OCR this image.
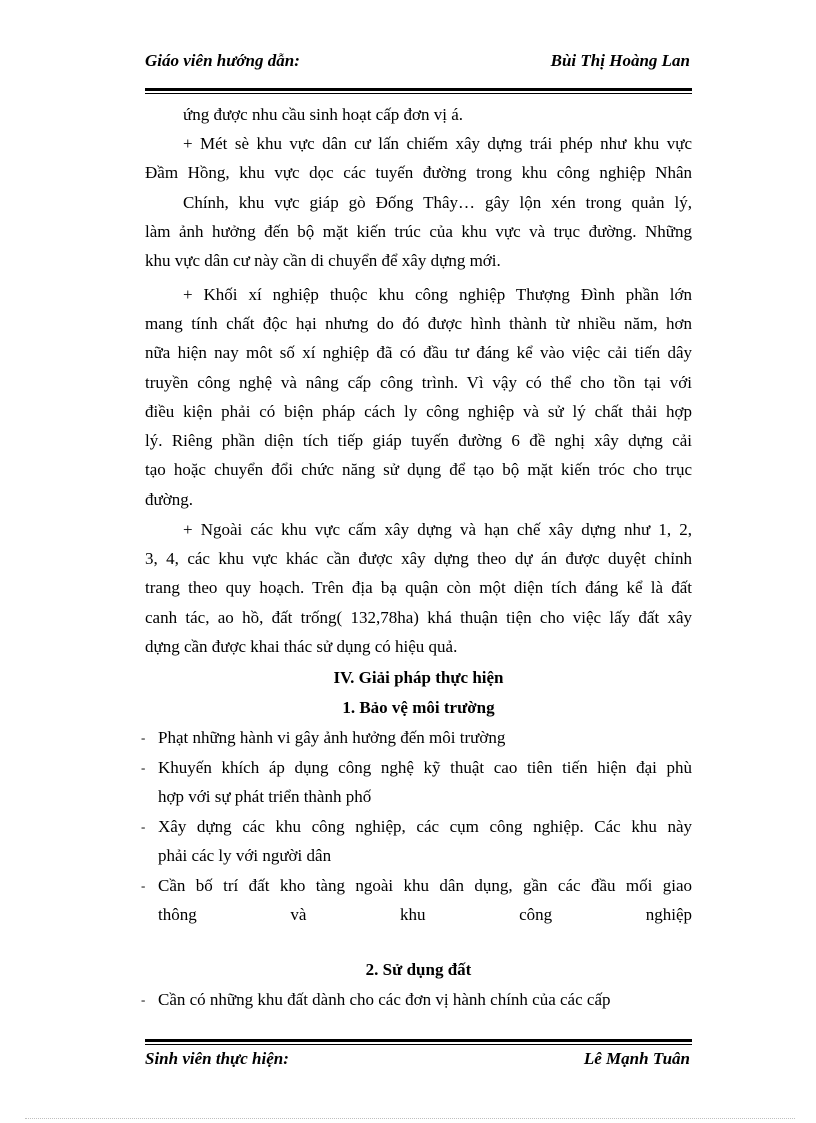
Giáo viên hướng dẫn:	Bùi Thị Hoàng Lan
ứng được nhu cầu sinh hoạt cấp đơn vị á.
+ Mét sè khu vực dân cư lấn chiếm xây dựng trái phép như khu vực
Đầm Hồng, khu vực dọc các tuyến đường trong khu công nghiệp Nhân
Chính, khu vực giáp gò Đống Thây… gây lộn xén trong quản lý,
làm ảnh hưởng đến bộ mặt kiến trúc của khu vực và trục đường. Những
khu vực dân cư này cần di chuyển để xây dựng mới.
+ Khối xí nghiệp thuộc khu công nghiệp Thượng Đình phần lớn
mang tính chất độc hại nhưng do đó được hình thành từ nhiều năm, hơn
nữa hiện nay môt số xí nghiệp đã có đầu tư đáng kể vào việc cải tiến dây
truyền công nghệ và nâng cấp công trình. Vì vậy có thể cho tồn tại với
điều kiện phải có biện pháp cách ly công nghiệp và sử lý chất thải hợp
lý. Riêng phần diện tích tiếp giáp tuyến đường 6 đề nghị xây dựng cải
tạo hoặc chuyển đổi chức năng sử dụng để tạo bộ mặt kiến tróc cho trục
đường.
+ Ngoài các khu vực cấm xây dựng và hạn chế xây dựng như 1, 2,
3, 4, các khu vực khác cần được xây dựng theo dự án được duyệt chỉnh
trang theo quy hoạch. Trên địa bạ quận còn một diện tích đáng kể là đất
canh tác, ao hồ, đất trống( 132,78ha) khá thuận tiện cho việc lấy đất xây
dựng cần được khai thác sử dụng có hiệu quả.
IV. Giải pháp thực hiện
1. Bảo vệ môi trường
- Phạt những hành vi gây ảnh hưởng đến môi trường
- Khuyến khích áp dụng công nghệ kỹ thuật cao tiên tiến hiện đại phù
hợp với sự phát triển thành phố
- Xây dựng các khu công nghiệp, các cụm công nghiệp. Các khu này
phải các ly với người dân
- Cần bố trí đất kho tàng ngoài khu dân dụng, gần các đầu mối giao
thông và khu công nghiệp
2. Sử dụng đất
- Cần có những khu đất dành cho các đơn vị hành chính của các cấp
Sinh viên thực hiện:	Lê Mạnh Tuân
